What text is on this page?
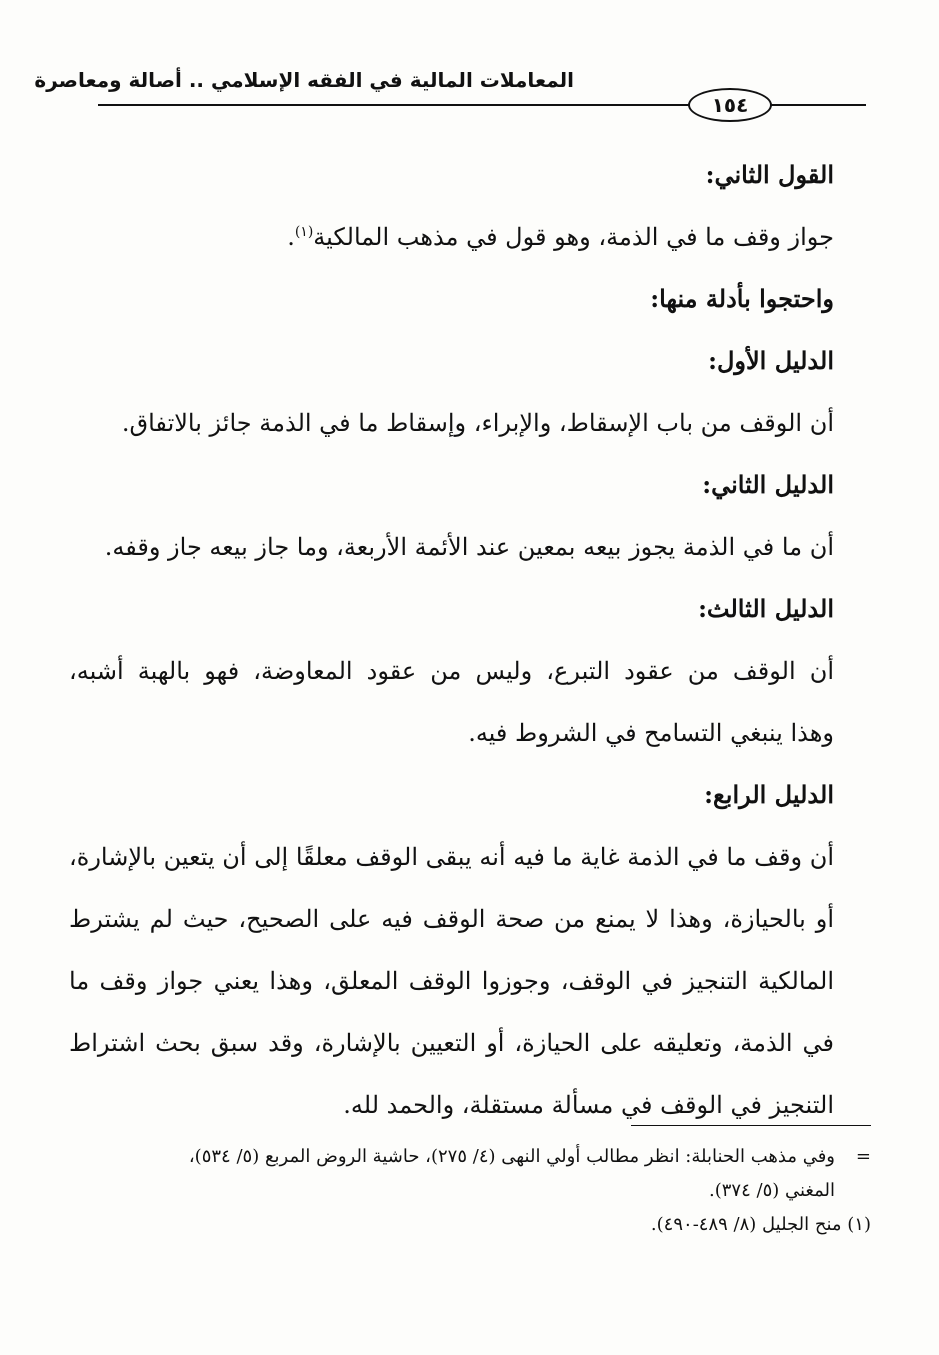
المعاملات المالية في الفقه الإسلامي .. أصالة ومعاصرة
١٥٤
القول الثاني:
جواز وقف ما في الذمة، وهو قول في مذهب المالكية$^{(١)}$.
واحتجوا بأدلة منها:
الدليل الأول:
أن الوقف من باب الإسقاط، والإبراء، وإسقاط ما في الذمة جائز بالاتفاق.
الدليل الثاني:
أن ما في الذمة يجوز بيعه بمعين عند الأئمة الأربعة، وما جاز بيعه جاز وقفه.
الدليل الثالث:
أن الوقف من عقود التبرع، وليس من عقود المعاوضة، فهو بالهبة أشبه،
وهذا ينبغي التسامح في الشروط فيه.
الدليل الرابع:
أن وقف ما في الذمة غاية ما فيه أنه يبقى الوقف معلقًا إلى أن يتعين بالإشارة،
أو بالحيازة، وهذا لا يمنع من صحة الوقف فيه على الصحيح، حيث لم يشترط
المالكية التنجيز في الوقف، وجوزوا الوقف المعلق، وهذا يعني جواز وقف ما
في الذمة، وتعليقه على الحيازة، أو التعيين بالإشارة، وقد سبق بحث اشتراط
التنجيز في الوقف في مسألة مستقلة، والحمد لله.
=وفي مذهب الحنابلة: انظر مطالب أولي النهى (٤/ ٢٧٥)، حاشية الروض المربع (٥/ ٥٣٤)،
المغني (٥/ ٣٧٤).
(١) منح الجليل (٨/ ٤٨٩-٤٩٠).
